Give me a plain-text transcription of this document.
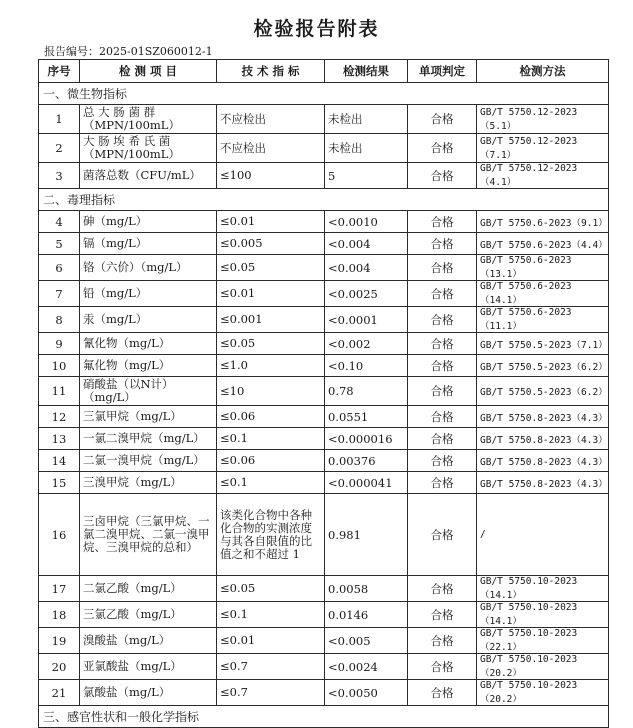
检验报告附表
报告编号：2025-01SZ060012-1
序号	检 测 项 目	技 术 指 标	检测结果	单项判定	检测方法
一、微生物指标					
1	总 大 肠 菌 群（MPN/100mL）	不应检出	未检出	合格	GB/T 5750.12-2023（5.1）
2	大 肠 埃 希 氏 菌（MPN/100mL）	不应检出	未检出	合格	GB/T 5750.12-2023（7.1）
3	菌落总数（CFU/mL）	≤100	5	合格	GB/T 5750.12-2023（4.1）
二、毒理指标					
4	砷（mg/L）	≤0.01	<0.0010	合格	GB/T 5750.6-2023（9.1）
5	镉（mg/L）	≤0.005	<0.004	合格	GB/T 5750.6-2023（4.4）
6	铬（六价）（mg/L）	≤0.05	<0.004	合格	GB/T 5750.6-2023（13.1）
7	铅（mg/L）	≤0.01	<0.0025	合格	GB/T 5750.6-2023（14.1）
8	汞（mg/L）	≤0.001	<0.0001	合格	GB/T 5750.6-2023（11.1）
9	氰化物（mg/L）	≤0.05	<0.002	合格	GB/T 5750.5-2023（7.1）
10	氟化物（mg/L）	≤1.0	<0.10	合格	GB/T 5750.5-2023（6.2）
11	硝酸盐（以N计）（mg/L）	≤10	0.78	合格	GB/T 5750.5-2023（6.2）
12	三氯甲烷（mg/L）	≤0.06	0.0551	合格	GB/T 5750.8-2023（4.3）
13	一氯二溴甲烷（mg/L）	≤0.1	<0.000016	合格	GB/T 5750.8-2023（4.3）
14	二氯一溴甲烷（mg/L）	≤0.06	0.00376	合格	GB/T 5750.8-2023（4.3）
15	三溴甲烷（mg/L）	≤0.1	<0.000041	合格	GB/T 5750.8-2023（4.3）
16	三卤甲烷（三氯甲烷、一氯二溴甲烷、二氯一溴甲烷、三溴甲烷的总和）	该类化合物中各种化合物的实测浓度与其各自限值的比值之和不超过 1	0.981	合格	/
17	二氯乙酸（mg/L）	≤0.05	0.0058	合格	GB/T 5750.10-2023（14.1）
18	三氯乙酸（mg/L）	≤0.1	0.0146	合格	GB/T 5750.10-2023（14.1）
19	溴酸盐（mg/L）	≤0.01	<0.005	合格	GB/T 5750.10-2023（22.1）
20	亚氯酸盐（mg/L）	≤0.7	<0.0024	合格	GB/T 5750.10-2023（20.2）
21	氯酸盐（mg/L）	≤0.7	<0.0050	合格	GB/T 5750.10-2023（20.2）
三、感官性状和一般化学指标					
